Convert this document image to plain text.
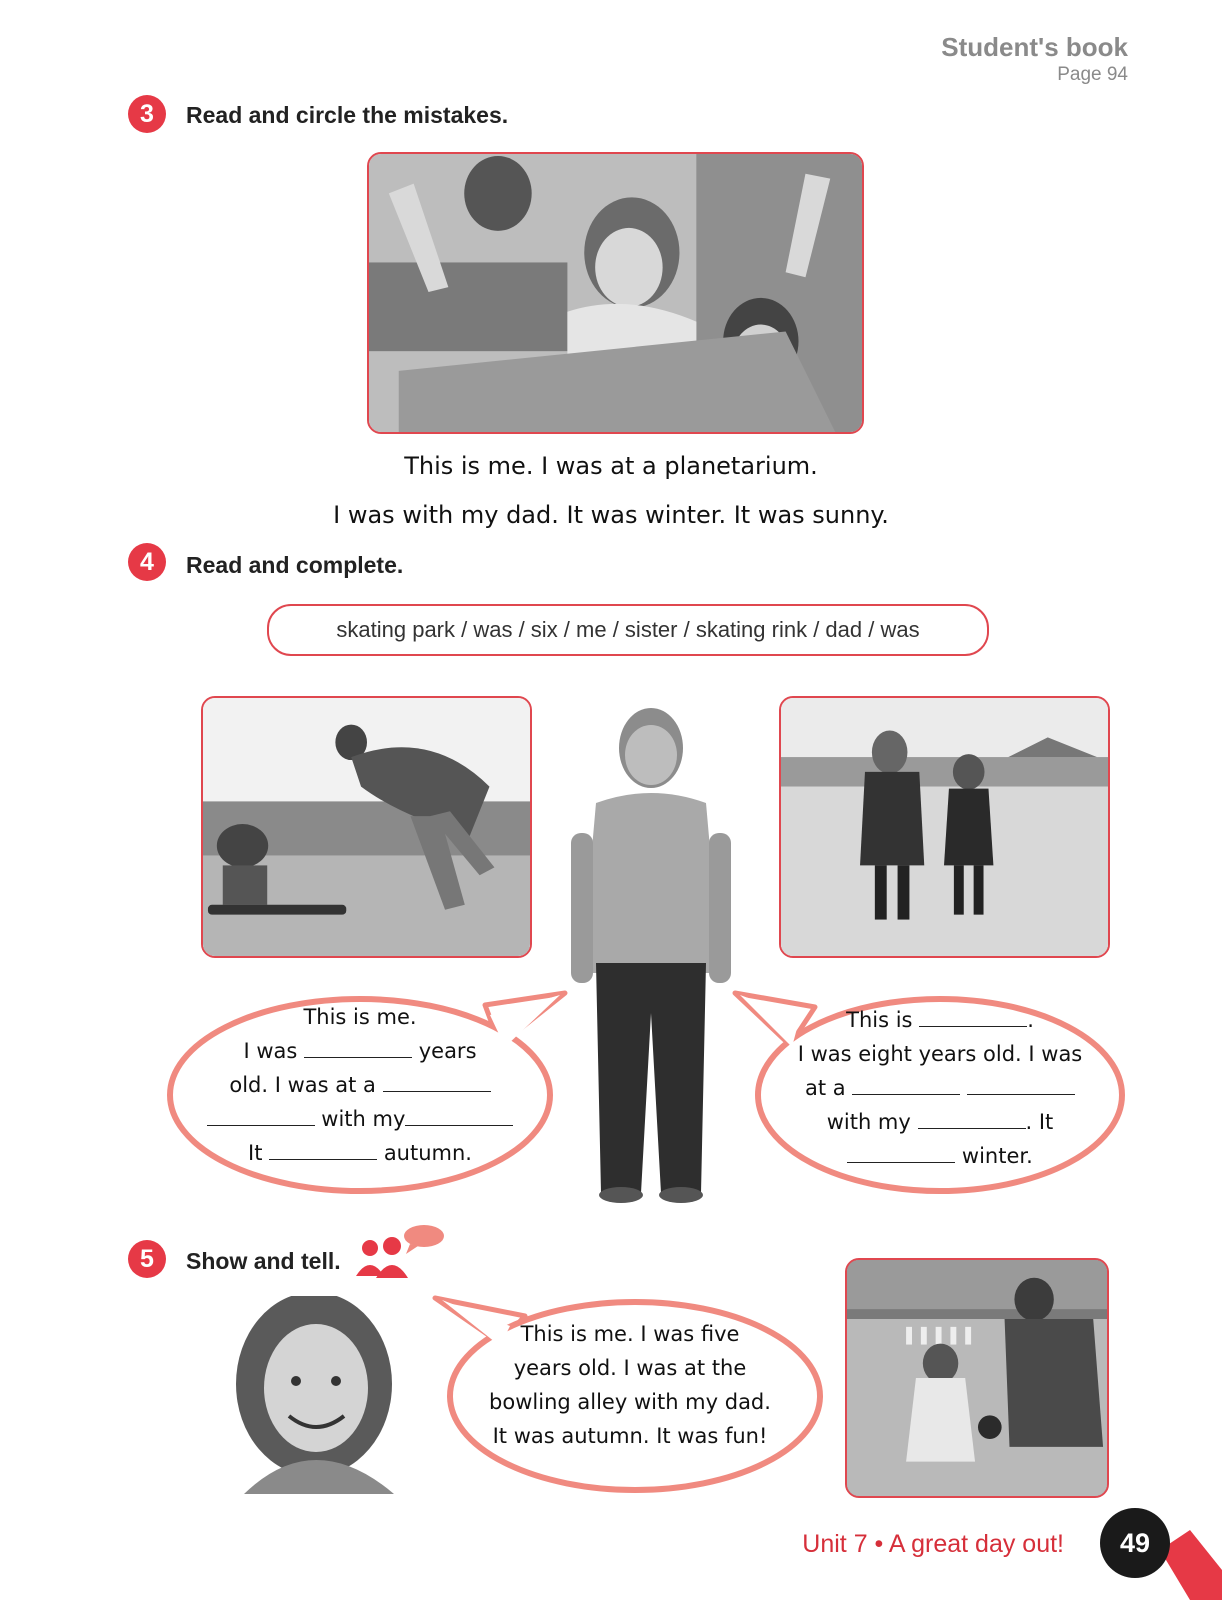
Student's book
Page 94
3	Read and circle the mistakes.
This is me. I was at a planetarium.
I was with my dad. It was winter. It was sunny.
4	Read and complete.
skating park / was / six / me / sister / skating rink / dad / was
This is me.
I was	years
old. I was at a
with my
It	autumn.
This is	.
I was eight years old. I was
at a
with my	. It
winter.
5	Show and tell.
This is me. I was five
years old. I was at the
bowling alley with my dad.
It was autumn. It was fun!
Unit 7 • A great day out!	49
